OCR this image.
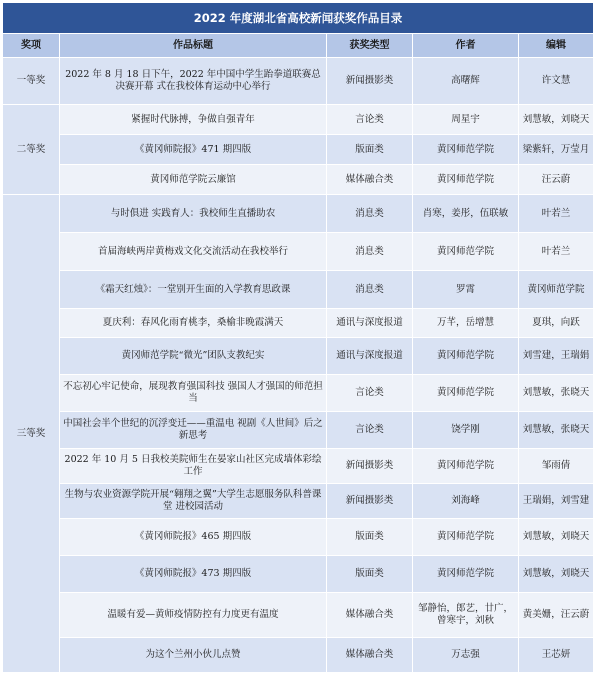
2022 年度湖北省高校新闻获奖作品目录				
奖项	作品标题	获奖类型	作者	编辑
一等奖	2022 年 8 月 18 日下午，2022 年中国中学生跆拳道联赛总决赛开幕 式在我校体育运动中心举行	新闻摄影类	高曙辉	许文慧
二等奖	紧握时代脉搏，争做自强青年	言论类	周星宇	刘慧敏，刘晓天
	《黄冈师院报》471 期四版	版面类	黄冈师范学院	梁紫轩，万莹月
	黄冈师范学院云廉馆	媒体融合类	黄冈师范学院	汪云蔚
三等奖	与时俱进 实践育人：我校师生直播助农	消息类	肖寒，姜彤，伍联敏	叶若兰
	首届海峡两岸黄梅戏文化交流活动在我校举行	消息类	黄冈师范学院	叶若兰
	《霜天红烛》：一堂别开生面的入学教育思政课	消息类	罗霄	黄冈师范学院
	夏庆利：春风化雨育桃李，桑榆非晚霞满天	通讯与深度报道	万芊，岳增慧	夏琪，向跃
	黄冈师范学院“微光”团队支教纪实	通讯与深度报道	黄冈师范学院	刘雪建，王瑞娟
	不忘初心牢记使命，展现教育强国科技 强国人才强国的师范担当	言论类	黄冈师范学院	刘慧敏，张晓天
	中国社会半个世纪的沉浮变迁——重温电 视剧《人世间》后之新思考	言论类	饶学刚	刘慧敏，张晓天
	2022 年 10 月 5 日我校美院师生在晏家山社区完成墙体彩绘工作	新闻摄影类	黄冈师范学院	邹雨倩
	生物与农业资源学院开展“翱翔之翼”大学生志愿服务队科普课堂 进校园活动	新闻摄影类	刘海峰	王瑞娟，刘雪建
	《黄冈师院报》465 期四版	版面类	黄冈师范学院	刘慧敏，刘晓天
	《黄冈师院报》473 期四版	版面类	黄冈师范学院	刘慧敏，刘晓天
	温暖有爱—黄师疫情防控有力度更有温度	媒体融合类	邹静怡，郎艺，廿广，曾寒宇，刘秋	黄美姗，汪云蔚
	为这个兰州小伙儿点赞	媒体融合类	万志强	王芯妍
